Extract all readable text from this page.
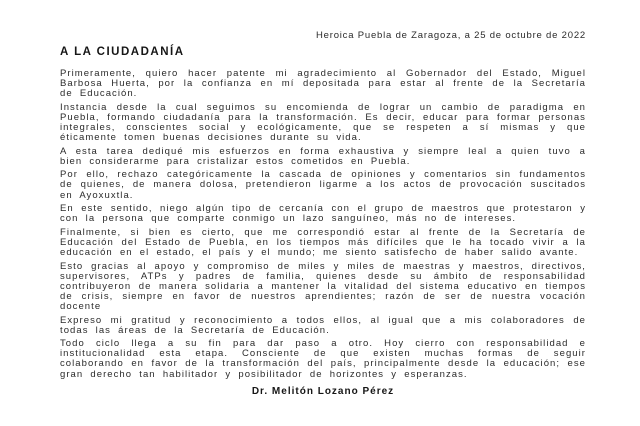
Heroica Puebla de Zaragoza, a 25 de octubre de 2022
A LA CIUDADANÍA

Primeramente, quiero hacer patente mi agradecimiento al Gobernador del Estado, Miguel Barbosa Huerta, por la confianza en mí depositada para estar al frente de la Secretaría de Educación.

Instancia desde la cual seguimos su encomienda de lograr un cambio de paradigma en Puebla, formando ciudadanía para la transformación. Es decir, educar para formar personas integrales, conscientes social y ecológicamente, que se respeten a sí mismas y que éticamente tomen buenas decisiones durante su vida.

A esta tarea dediqué mis esfuerzos en forma exhaustiva y siempre leal a quien tuvo a bien considerarme para cristalizar estos cometidos en Puebla.

Por ello, rechazo categóricamente la cascada de opiniones y comentarios sin fundamentos de quienes, de manera dolosa, pretendieron ligarme a los actos de provocación suscitados en Ayoxuxtla.

En este sentido, niego algún tipo de cercanía con el grupo de maestros que protestaron y con la persona que comparte conmigo un lazo sanguíneo, más no de intereses.

Finalmente, si bien es cierto, que me correspondió estar al frente de la Secretaría de Educación del Estado de Puebla, en los tiempos más difíciles que le ha tocado vivir a la educación en el estado, el país y el mundo; me siento satisfecho de haber salido avante.

Esto gracias al apoyo y compromiso de miles y miles de maestras y maestros, directivos, supervisores, ATPs y padres de familia, quienes desde su ámbito de responsabilidad contribuyeron de manera solidaria a mantener la vitalidad del sistema educativo en tiempos de crisis, siempre en favor de nuestros aprendientes; razón de ser de nuestra vocación docente

Expreso mi gratitud y reconocimiento a todos ellos, al igual que a mis colaboradores de todas las áreas de la Secretaría de Educación.

Todo ciclo llega a su fin para dar paso a otro. Hoy cierro con responsabilidad e institucionalidad esta etapa. Consciente de que existen muchas formas de seguir colaborando en favor de la transformación del país, principalmente desde la educación; ese gran derecho tan habilitador y posibilitador de horizontes y esperanzas.

Dr. Melitón Lozano Pérez
